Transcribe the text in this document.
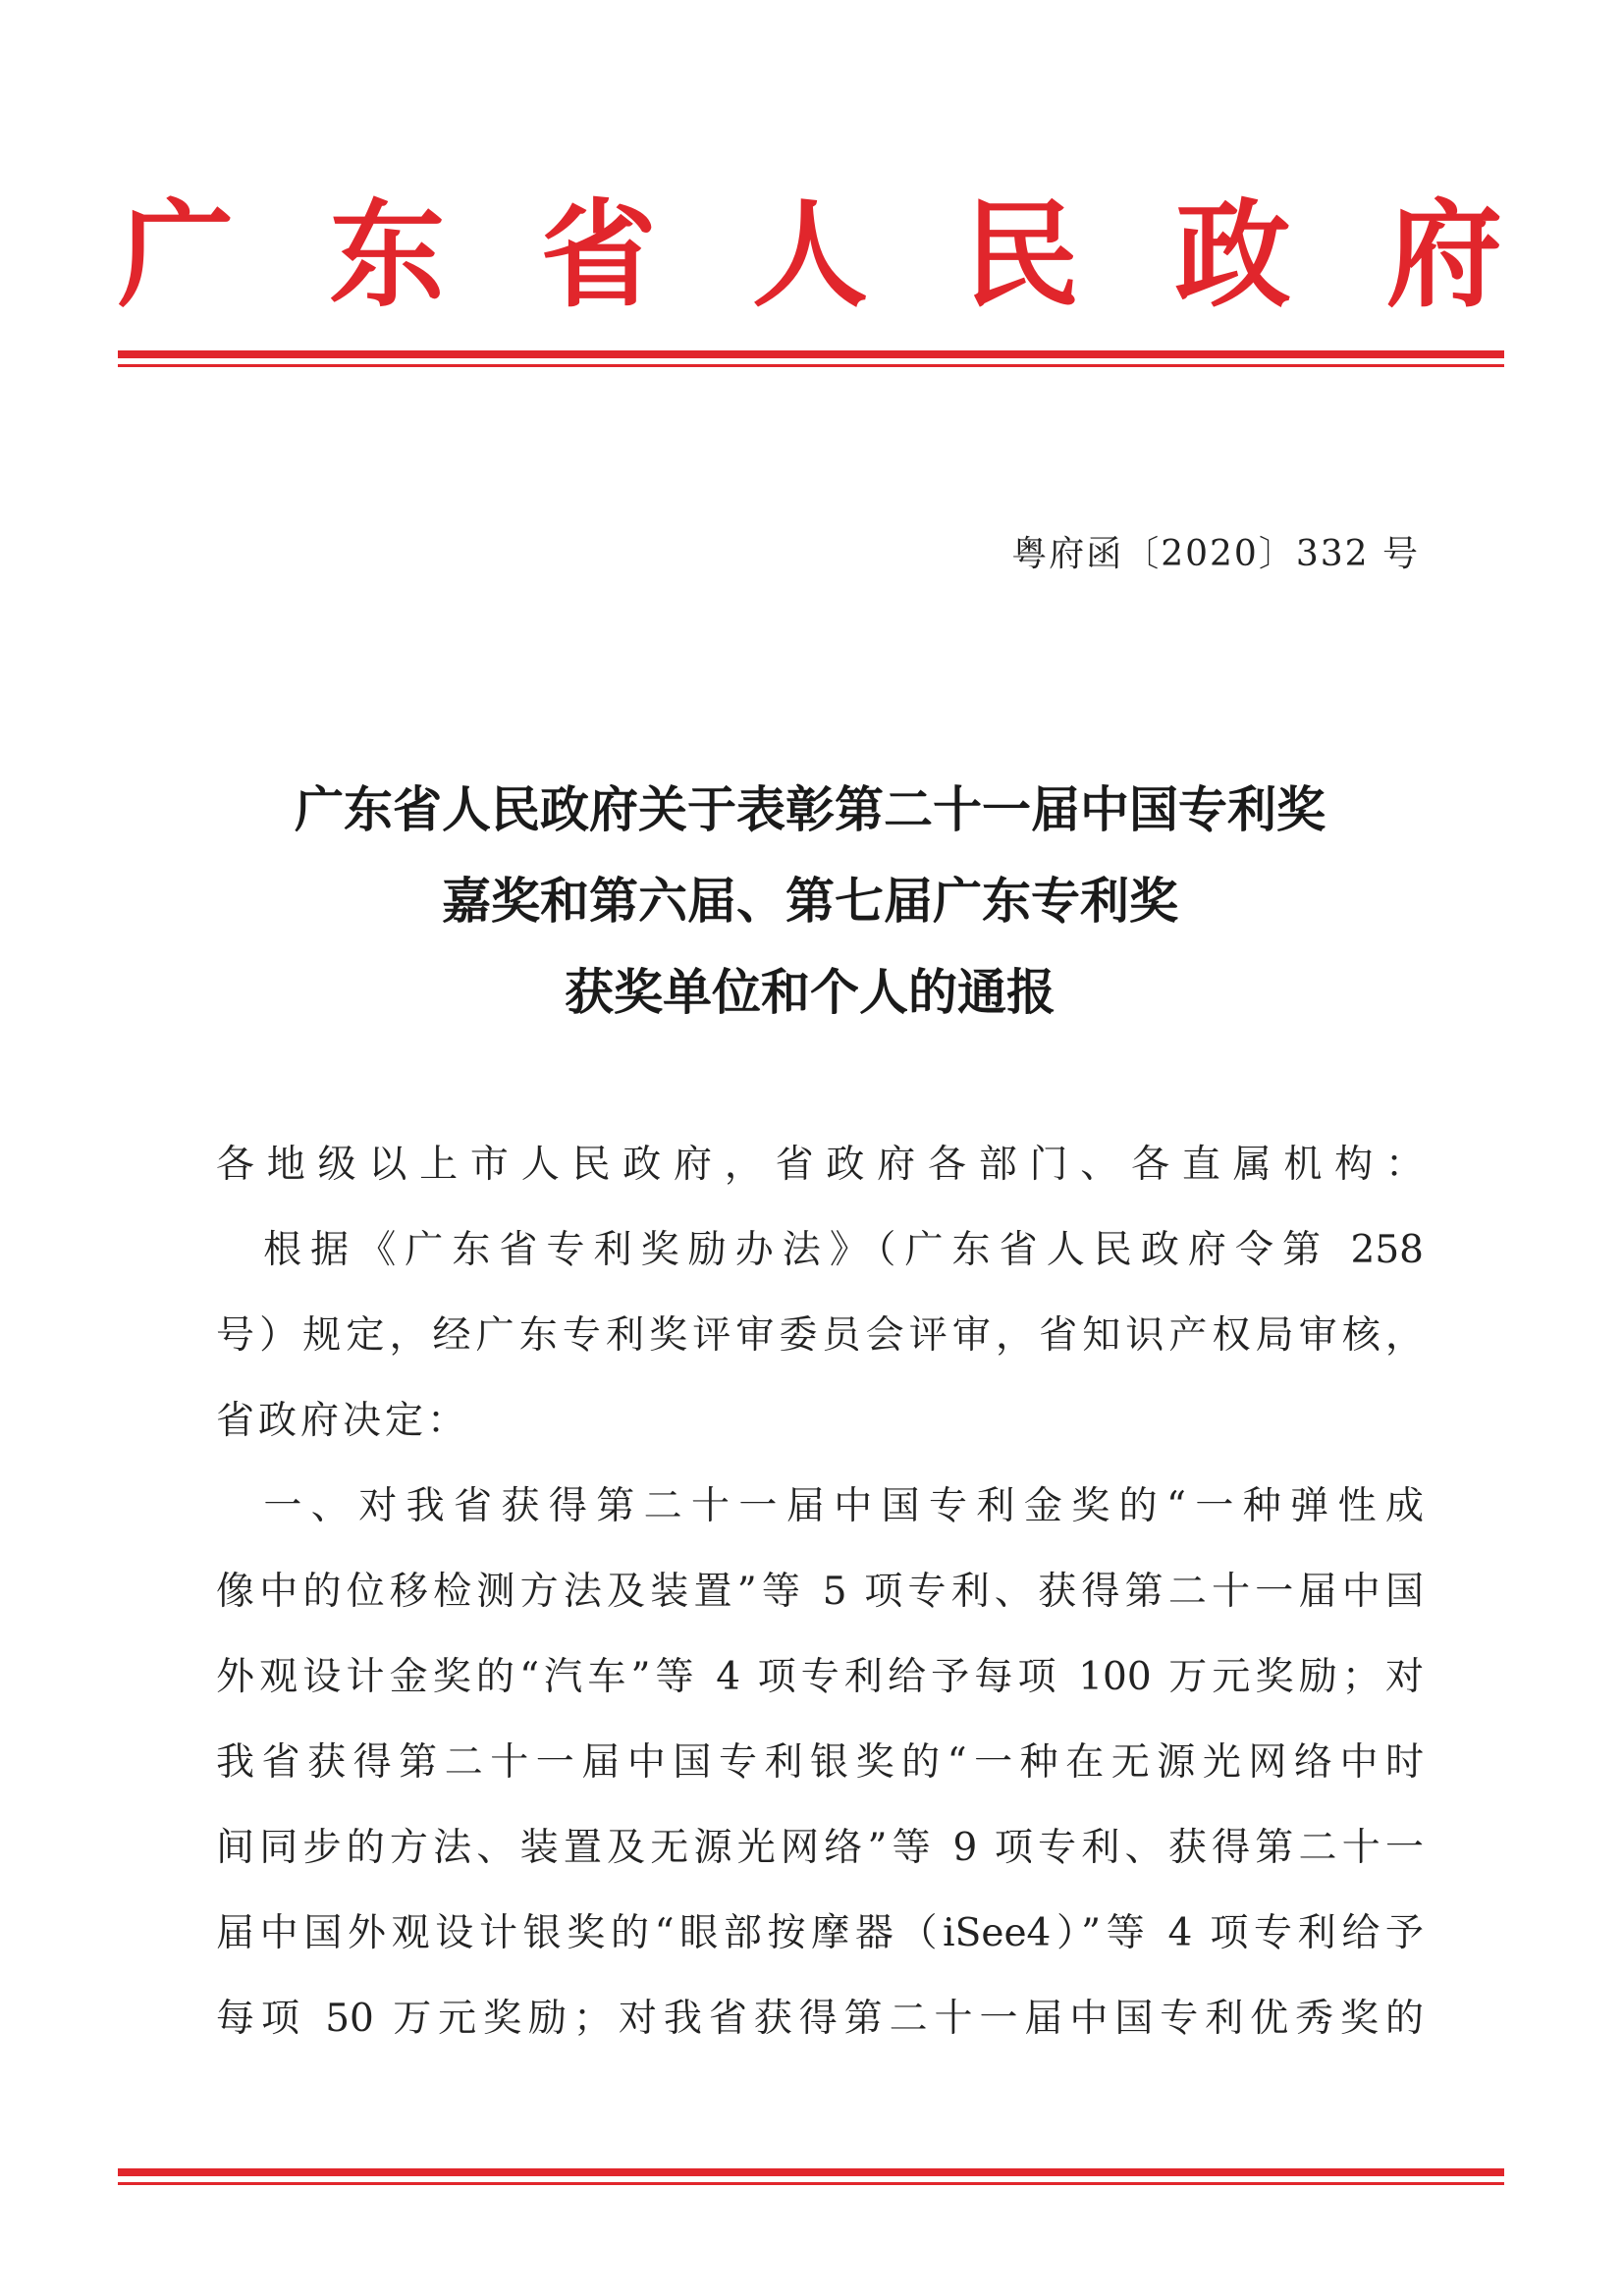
广 东 省 人 民 政 府
粤府函〔2020〕332 号
广东省人民政府关于表彰第二十一届中国专利奖
嘉奖和第六届、第七届广东专利奖
获奖单位和个人的通报
各地级以上市人民政府，省政府各部门、各直属机构：
　根据《广东省专利奖励办法》（广东省人民政府令第 258
号）规定，经广东专利奖评审委员会评审，省知识产权局审核，
省政府决定：
　一、对我省获得第二十一届中国专利金奖的“一种弹性成
像中的位移检测方法及装置”等 5 项专利、获得第二十一届中国
外观设计金奖的“汽车”等 4 项专利给予每项 100 万元奖励；对
我省获得第二十一届中国专利银奖的“一种在无源光网络中时
间同步的方法、装置及无源光网络”等 9 项专利、获得第二十一
届中国外观设计银奖的“眼部按摩器（iSee4）”等 4 项专利给予
每项 50 万元奖励；对我省获得第二十一届中国专利优秀奖的
